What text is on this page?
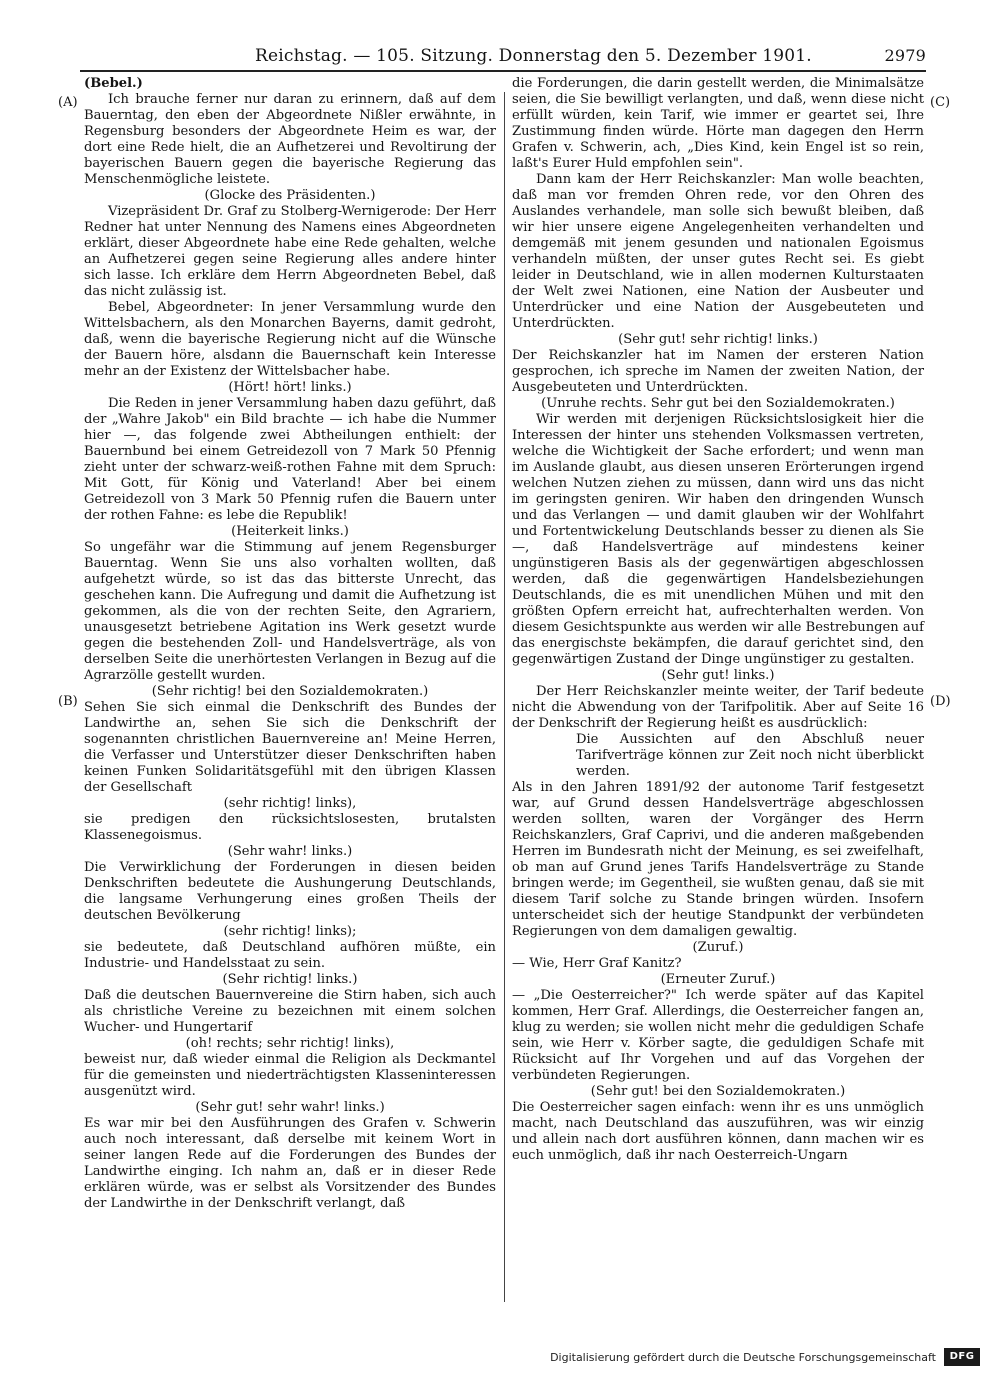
Reichstag. — 105. Sitzung. Donnerstag den 5. Dezember 1901.	2979
(A)
(B)
(C)
(D)

(Bebel.)

Ich brauche ferner nur daran zu erinnern, daß auf dem Bauerntag, den eben der Abgeordnete Nißler erwähnte, in Regensburg besonders der Abgeordnete Heim es war, der dort eine Rede hielt, die an Aufhetzerei und Revoltirung der bayerischen Bauern gegen die bayerische Regierung das Menschenmögliche leistete.

(Glocke des Präsidenten.)

Vizepräsident Dr. Graf zu Stolberg-Wernigerode: Der Herr Redner hat unter Nennung des Namens eines Abgeordneten erklärt, dieser Abgeordnete habe eine Rede gehalten, welche an Aufhetzerei gegen seine Regierung alles andere hinter sich lasse. Ich erkläre dem Herrn Abgeordneten Bebel, daß das nicht zulässig ist.

Bebel, Abgeordneter: In jener Versammlung wurde den Wittelsbachern, als den Monarchen Bayerns, damit gedroht, daß, wenn die bayerische Regierung nicht auf die Wünsche der Bauern höre, alsdann die Bauernschaft kein Interesse mehr an der Existenz der Wittelsbacher habe.

(Hört! hört! links.)

Die Reden in jener Versammlung haben dazu geführt, daß der „Wahre Jakob" ein Bild brachte — ich habe die Nummer hier —, das folgende zwei Abtheilungen enthielt: der Bauernbund bei einem Getreidezoll von 7 Mark 50 Pfennig zieht unter der schwarz-weiß-rothen Fahne mit dem Spruch: Mit Gott, für König und Vaterland! Aber bei einem Getreidezoll von 3 Mark 50 Pfennig rufen die Bauern unter der rothen Fahne: es lebe die Republik!

(Heiterkeit links.)

So ungefähr war die Stimmung auf jenem Regensburger Bauerntag. Wenn Sie uns also vorhalten wollten, daß aufgehetzt würde, so ist das das bitterste Unrecht, das geschehen kann. Die Aufregung und damit die Aufhetzung ist gekommen, als die von der rechten Seite, den Agrariern, unausgesetzt betriebene Agitation ins Werk gesetzt wurde gegen die bestehenden Zoll- und Handelsverträge, als von derselben Seite die unerhörtesten Verlangen in Bezug auf die Agrarzölle gestellt wurden.

(Sehr richtig! bei den Sozialdemokraten.)

Sehen Sie sich einmal die Denkschrift des Bundes der Landwirthe an, sehen Sie sich die Denkschrift der sogenannten christlichen Bauernvereine an! Meine Herren, die Verfasser und Unterstützer dieser Denkschriften haben keinen Funken Solidaritätsgefühl mit den übrigen Klassen der Gesellschaft

(sehr richtig! links),

sie predigen den rücksichtslosesten, brutalsten Klassenegoismus.

(Sehr wahr! links.)

Die Verwirklichung der Forderungen in diesen beiden Denkschriften bedeutete die Aushungerung Deutschlands, die langsame Verhungerung eines großen Theils der deutschen Bevölkerung

(sehr richtig! links);

sie bedeutete, daß Deutschland aufhören müßte, ein Industrie- und Handelsstaat zu sein.

(Sehr richtig! links.)

Daß die deutschen Bauernvereine die Stirn haben, sich auch als christliche Vereine zu bezeichnen mit einem solchen Wucher- und Hungertarif

(oh! rechts; sehr richtig! links),

beweist nur, daß wieder einmal die Religion als Deckmantel für die gemeinsten und niederträchtigsten Klasseninteressen ausgenützt wird.

(Sehr gut! sehr wahr! links.)

Es war mir bei den Ausführungen des Grafen v. Schwerin auch noch interessant, daß derselbe mit keinem Wort in seiner langen Rede auf die Forderungen des Bundes der Landwirthe einging. Ich nahm an, daß er in dieser Rede erklären würde, was er selbst als Vorsitzender des Bundes der Landwirthe in der Denkschrift verlangt, daß

die Forderungen, die darin gestellt werden, die Minimalsätze seien, die Sie bewilligt verlangten, und daß, wenn diese nicht erfüllt würden, kein Tarif, wie immer er geartet sei, Ihre Zustimmung finden würde. Hörte man dagegen den Herrn Grafen v. Schwerin, ach, „Dies Kind, kein Engel ist so rein, laßt's Eurer Huld empfohlen sein".

Dann kam der Herr Reichskanzler: Man wolle beachten, daß man vor fremden Ohren rede, vor den Ohren des Auslandes verhandele, man solle sich bewußt bleiben, daß wir hier unsere eigene Angelegenheiten verhandelten und demgemäß mit jenem gesunden und nationalen Egoismus verhandeln müßten, der unser gutes Recht sei. Es giebt leider in Deutschland, wie in allen modernen Kulturstaaten der Welt zwei Nationen, eine Nation der Ausbeuter und Unterdrücker und eine Nation der Ausgebeuteten und Unterdrückten.

(Sehr gut! sehr richtig! links.)

Der Reichskanzler hat im Namen der ersteren Nation gesprochen, ich spreche im Namen der zweiten Nation, der Ausgebeuteten und Unterdrückten.

(Unruhe rechts. Sehr gut bei den Sozialdemokraten.)

Wir werden mit derjenigen Rücksichtslosigkeit hier die Interessen der hinter uns stehenden Volksmassen vertreten, welche die Wichtigkeit der Sache erfordert; und wenn man im Auslande glaubt, aus diesen unseren Erörterungen irgend welchen Nutzen ziehen zu müssen, dann wird uns das nicht im geringsten geniren. Wir haben den dringenden Wunsch und das Verlangen — und damit glauben wir der Wohlfahrt und Fortentwickelung Deutschlands besser zu dienen als Sie —, daß Handelsverträge auf mindestens keiner ungünstigeren Basis als der gegenwärtigen abgeschlossen werden, daß die gegenwärtigen Handelsbeziehungen Deutschlands, die es mit unendlichen Mühen und mit den größten Opfern erreicht hat, aufrechterhalten werden. Von diesem Gesichtspunkte aus werden wir alle Bestrebungen auf das energischste bekämpfen, die darauf gerichtet sind, den gegenwärtigen Zustand der Dinge ungünstiger zu gestalten.

(Sehr gut! links.)

Der Herr Reichskanzler meinte weiter, der Tarif bedeute nicht die Abwendung von der Tarifpolitik. Aber auf Seite 16 der Denkschrift der Regierung heißt es ausdrücklich:

Die Aussichten auf den Abschluß neuer Tarifverträge können zur Zeit noch nicht überblickt werden.

Als in den Jahren 1891/92 der autonome Tarif festgesetzt war, auf Grund dessen Handelsverträge abgeschlossen werden sollten, waren der Vorgänger des Herrn Reichskanzlers, Graf Caprivi, und die anderen maßgebenden Herren im Bundesrath nicht der Meinung, es sei zweifelhaft, ob man auf Grund jenes Tarifs Handelsverträge zu Stande bringen werde; im Gegentheil, sie wußten genau, daß sie mit diesem Tarif solche zu Stande bringen würden. Insofern unterscheidet sich der heutige Standpunkt der verbündeten Regierungen von dem damaligen gewaltig.

(Zuruf.)

— Wie, Herr Graf Kanitz?

(Erneuter Zuruf.)

— „Die Oesterreicher?" Ich werde später auf das Kapitel kommen, Herr Graf. Allerdings, die Oesterreicher fangen an, klug zu werden; sie wollen nicht mehr die geduldigen Schafe sein, wie Herr v. Körber sagte, die geduldigen Schafe mit Rücksicht auf Ihr Vorgehen und auf das Vorgehen der verbündeten Regierungen.

(Sehr gut! bei den Sozialdemokraten.)

Die Oesterreicher sagen einfach: wenn ihr es uns unmöglich macht, nach Deutschland das auszuführen, was wir einzig und allein nach dort ausführen können, dann machen wir es euch unmöglich, daß ihr nach Oesterreich-Ungarn

Digitalisierung gefördert durch die Deutsche Forschungsgemeinschaft	DFG
